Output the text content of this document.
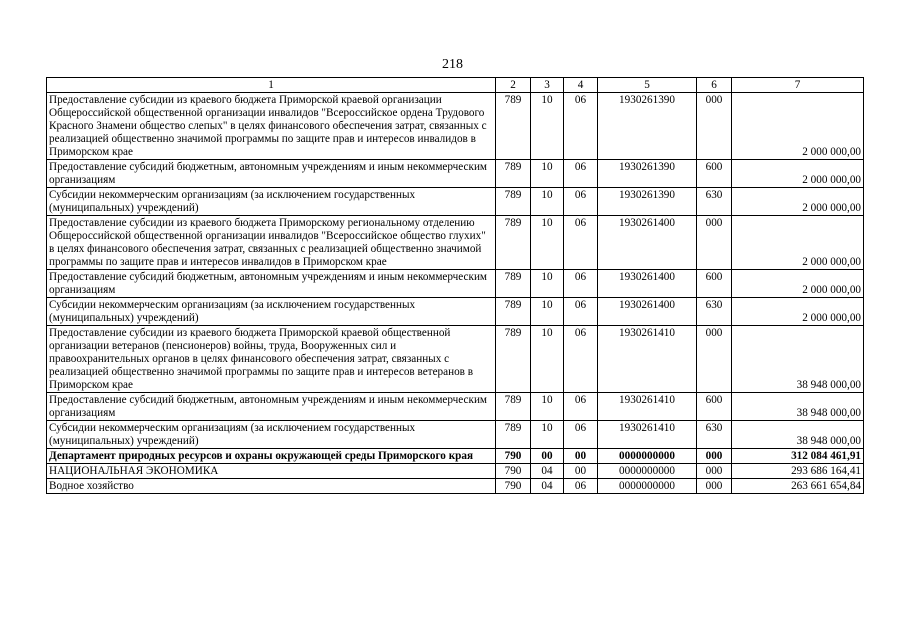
218
1	2	3	4	5	6	7
Предоставление субсидии из краевого бюджета Приморской краевой организации Общероссийской общественной организации инвалидов "Всероссийское ордена Трудового Красного Знамени общество слепых" в целях финансового обеспечения затрат, связанных с реализацией общественно значимой программы по защите прав и интересов инвалидов в Приморском крае	789	10	06	1930261390	000	2 000 000,00
Предоставление субсидий бюджетным, автономным учреждениям и иным некоммерческим организациям	789	10	06	1930261390	600	2 000 000,00
Субсидии некоммерческим организациям (за исключением государственных (муниципальных) учреждений)	789	10	06	1930261390	630	2 000 000,00
Предоставление субсидии из краевого бюджета Приморскому региональному отделению Общероссийской общественной организации инвалидов "Всероссийское общество глухих" в целях финансового обеспечения затрат, связанных с реализацией общественно значимой программы по защите прав и интересов инвалидов в Приморском крае	789	10	06	1930261400	000	2 000 000,00
Предоставление субсидий бюджетным, автономным учреждениям и иным некоммерческим организациям	789	10	06	1930261400	600	2 000 000,00
Субсидии некоммерческим организациям (за исключением государственных (муниципальных) учреждений)	789	10	06	1930261400	630	2 000 000,00
Предоставление субсидии из краевого бюджета Приморской краевой общественной организации ветеранов (пенсионеров) войны, труда, Вооруженных сил и правоохранительных органов в целях финансового обеспечения затрат, связанных с реализацией общественно значимой программы по защите прав и интересов ветеранов в Приморском крае	789	10	06	1930261410	000	38 948 000,00
Предоставление субсидий бюджетным, автономным учреждениям и иным некоммерческим организациям	789	10	06	1930261410	600	38 948 000,00
Субсидии некоммерческим организациям (за исключением государственных (муниципальных) учреждений)	789	10	06	1930261410	630	38 948 000,00
Департамент природных ресурсов и охраны окружающей среды Приморского края	790	00	00	0000000000	000	312 084 461,91
НАЦИОНАЛЬНАЯ ЭКОНОМИКА	790	04	00	0000000000	000	293 686 164,41
Водное хозяйство	790	04	06	0000000000	000	263 661 654,84
